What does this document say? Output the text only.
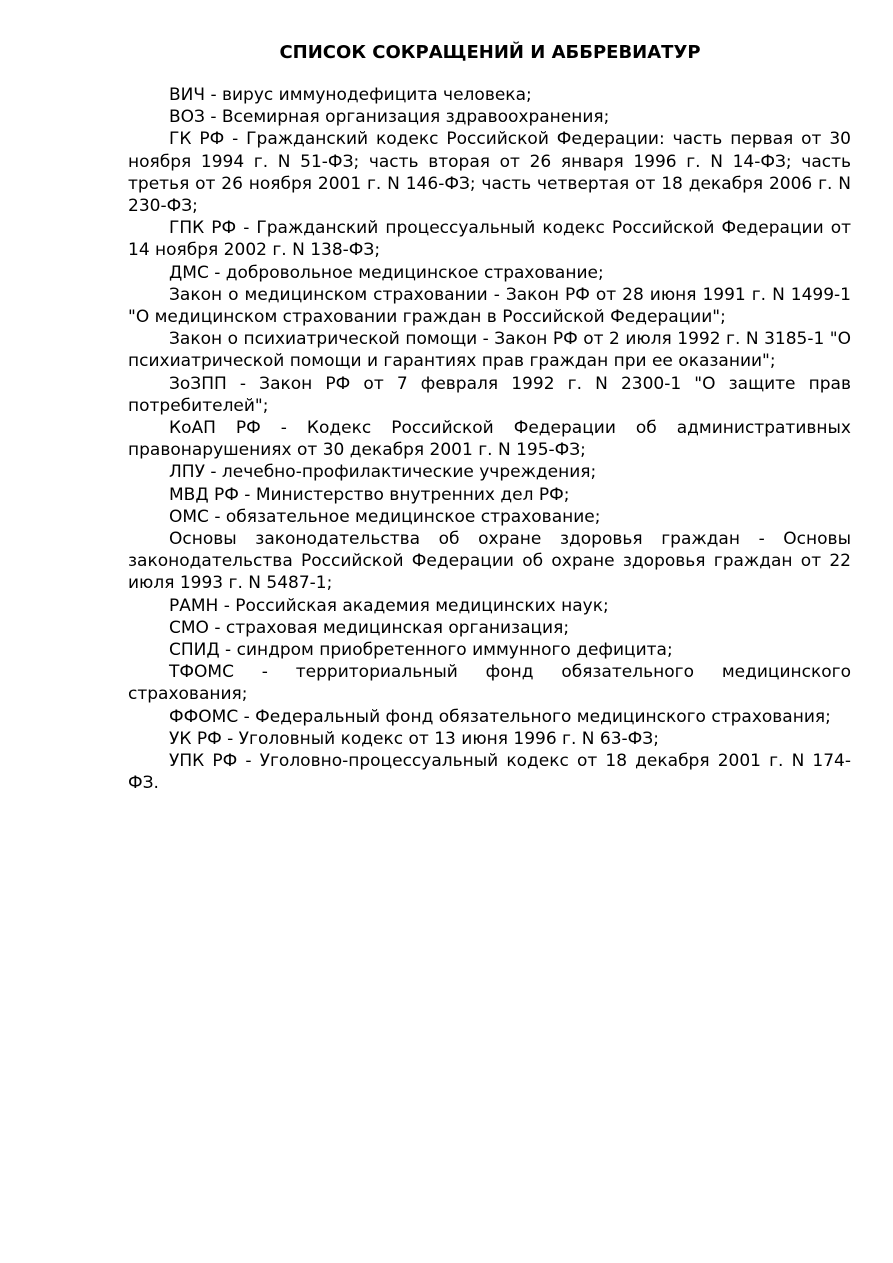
СПИСОК СОКРАЩЕНИЙ И АББРЕВИАТУР
ВИЧ - вирус иммунодефицита человека;
ВОЗ - Всемирная организация здравоохранения;
ГК РФ - Гражданский кодекс Российской Федерации: часть первая от 30 ноября 1994 г. N 51-ФЗ; часть вторая от 26 января 1996 г. N 14-ФЗ; часть третья от 26 ноября 2001 г. N 146-ФЗ; часть четвертая от 18 декабря 2006 г. N 230-ФЗ;
ГПК РФ - Гражданский процессуальный кодекс Российской Федерации от 14 ноября 2002 г. N 138-ФЗ;
ДМС - добровольное медицинское страхование;
Закон о медицинском страховании - Закон РФ от 28 июня 1991 г. N 1499-1 "О медицинском страховании граждан в Российской Федерации";
Закон о психиатрической помощи - Закон РФ от 2 июля 1992 г. N 3185-1 "О психиатрической помощи и гарантиях прав граждан при ее оказании";
ЗоЗПП - Закон РФ от 7 февраля 1992 г. N 2300-1 "О защите прав потребителей";
КоАП РФ - Кодекс Российской Федерации об административных правонарушениях от 30 декабря 2001 г. N 195-ФЗ;
ЛПУ - лечебно-профилактические учреждения;
МВД РФ - Министерство внутренних дел РФ;
ОМС - обязательное медицинское страхование;
Основы законодательства об охране здоровья граждан - Основы законодательства Российской Федерации об охране здоровья граждан от 22 июля 1993 г. N 5487-1;
РАМН - Российская академия медицинских наук;
СМО - страховая медицинская организация;
СПИД - синдром приобретенного иммунного дефицита;
ТФОМС - территориальный фонд обязательного медицинского страхования;
ФФОМС - Федеральный фонд обязательного медицинского страхования;
УК РФ - Уголовный кодекс от 13 июня 1996 г. N 63-ФЗ;
УПК РФ - Уголовно-процессуальный кодекс от 18 декабря 2001 г. N 174-ФЗ.
